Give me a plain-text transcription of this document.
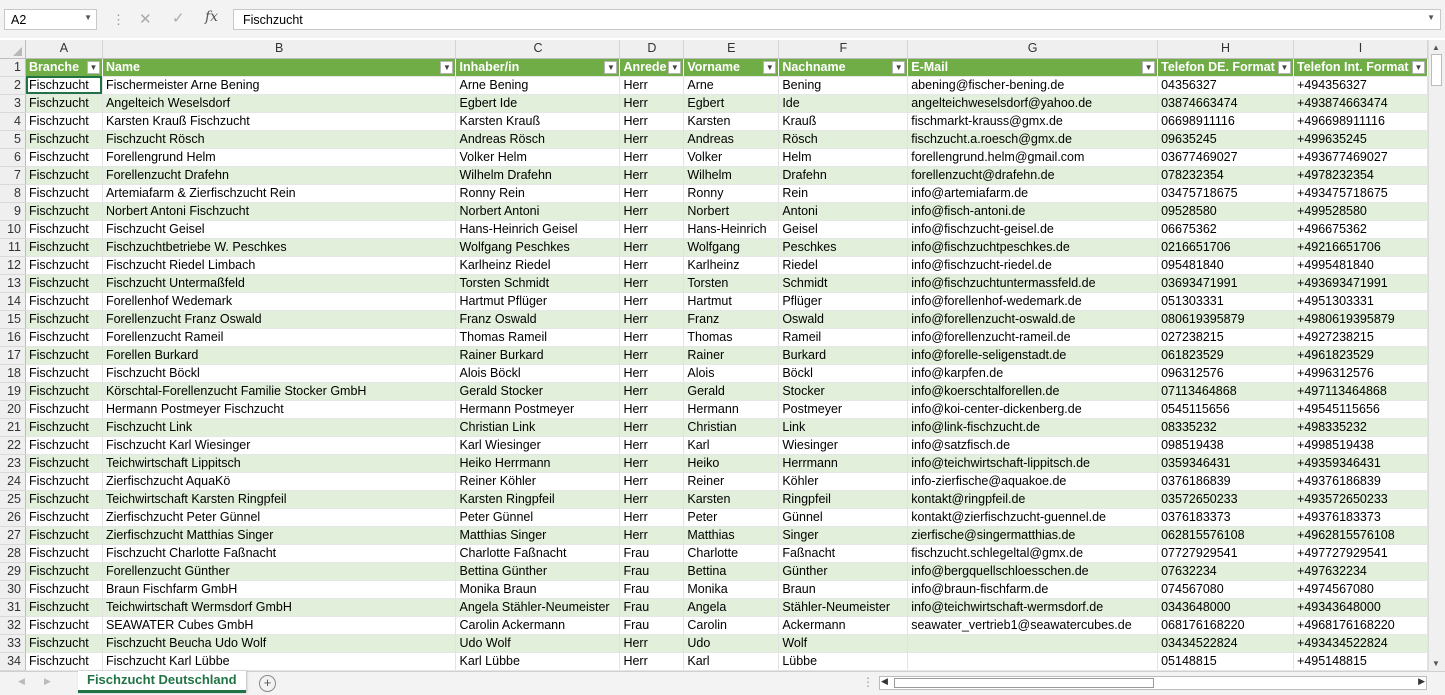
A2	▼ ⋮ ✕ ✓ fx Fischzucht	▼
	A	B	C	D	E	F	G	H	I
1	Branche ▼	Name ▼	Inhaber/in ▼	Anrede ▼	Vorname ▼	Nachname ▼	E-Mail ▼	Telefon DE. Format ▼	Telefon Int. Format ▼

2	Fischzucht	Fischermeister Arne Bening	Arne Bening	Herr	Arne	Bening	abening@fischer-bening.de	04356327	+494356327
3	Fischzucht	Angelteich Weselsdorf	Egbert Ide	Herr	Egbert	Ide	angelteichweselsdorf@yahoo.de	03874663474	+493874663474
4	Fischzucht	Karsten Krauß Fischzucht	Karsten Krauß	Herr	Karsten	Krauß	fischmarkt-krauss@gmx.de	06698911116	+496698911116
5	Fischzucht	Fischzucht Rösch	Andreas Rösch	Herr	Andreas	Rösch	fischzucht.a.roesch@gmx.de	09635245	+499635245
6	Fischzucht	Forellengrund Helm	Volker Helm	Herr	Volker	Helm	forellengrund.helm@gmail.com	03677469027	+493677469027
7	Fischzucht	Forellenzucht Drafehn	Wilhelm Drafehn	Herr	Wilhelm	Drafehn	forellenzucht@drafehn.de	078232354	+4978232354
8	Fischzucht	Artemiafarm & Zierfischzucht Rein	Ronny Rein	Herr	Ronny	Rein	info@artemiafarm.de	03475718675	+493475718675
9	Fischzucht	Norbert Antoni Fischzucht	Norbert Antoni	Herr	Norbert	Antoni	info@fisch-antoni.de	09528580	+499528580
10	Fischzucht	Fischzucht Geisel	Hans-Heinrich Geisel	Herr	Hans-Heinrich	Geisel	info@fischzucht-geisel.de	06675362	+496675362
11	Fischzucht	Fischzuchtbetriebe W. Peschkes	Wolfgang Peschkes	Herr	Wolfgang	Peschkes	info@fischzuchtpeschkes.de	0216651706	+49216651706
12	Fischzucht	Fischzucht Riedel Limbach	Karlheinz Riedel	Herr	Karlheinz	Riedel	info@fischzucht-riedel.de	095481840	+4995481840
13	Fischzucht	Fischzucht Untermaßfeld	Torsten Schmidt	Herr	Torsten	Schmidt	info@fischzuchtuntermassfeld.de	03693471991	+493693471991
14	Fischzucht	Forellenhof Wedemark	Hartmut Pflüger	Herr	Hartmut	Pflüger	info@forellenhof-wedemark.de	051303331	+4951303331
15	Fischzucht	Forellenzucht Franz Oswald	Franz Oswald	Herr	Franz	Oswald	info@forellenzucht-oswald.de	080619395879	+4980619395879
16	Fischzucht	Forellenzucht Rameil	Thomas Rameil	Herr	Thomas	Rameil	info@forellenzucht-rameil.de	027238215	+4927238215
17	Fischzucht	Forellen Burkard	Rainer Burkard	Herr	Rainer	Burkard	info@forelle-seligenstadt.de	061823529	+4961823529
18	Fischzucht	Fischzucht Böckl	Alois Böckl	Herr	Alois	Böckl	info@karpfen.de	096312576	+4996312576
19	Fischzucht	Körschtal-Forellenzucht Familie Stocker GmbH	Gerald Stocker	Herr	Gerald	Stocker	info@koerschtalforellen.de	07113464868	+497113464868
20	Fischzucht	Hermann Postmeyer Fischzucht	Hermann Postmeyer	Herr	Hermann	Postmeyer	info@koi-center-dickenberg.de	0545115656	+49545115656
21	Fischzucht	Fischzucht Link	Christian Link	Herr	Christian	Link	info@link-fischzucht.de	08335232	+498335232
22	Fischzucht	Fischzucht Karl Wiesinger	Karl Wiesinger	Herr	Karl	Wiesinger	info@satzfisch.de	098519438	+4998519438
23	Fischzucht	Teichwirtschaft Lippitsch	Heiko Herrmann	Herr	Heiko	Herrmann	info@teichwirtschaft-lippitsch.de	0359346431	+49359346431
24	Fischzucht	Zierfischzucht AquaKö	Reiner Köhler	Herr	Reiner	Köhler	info-zierfische@aquakoe.de	0376186839	+49376186839
25	Fischzucht	Teichwirtschaft Karsten Ringpfeil	Karsten Ringpfeil	Herr	Karsten	Ringpfeil	kontakt@ringpfeil.de	03572650233	+493572650233
26	Fischzucht	Zierfischzucht Peter Günnel	Peter Günnel	Herr	Peter	Günnel	kontakt@zierfischzucht-guennel.de	0376183373	+49376183373
27	Fischzucht	Zierfischzucht Matthias Singer	Matthias Singer	Herr	Matthias	Singer	zierfische@singermatthias.de	062815576108	+4962815576108
28	Fischzucht	Fischzucht Charlotte Faßnacht	Charlotte Faßnacht	Frau	Charlotte	Faßnacht	fischzucht.schlegeltal@gmx.de	07727929541	+497727929541
29	Fischzucht	Forellenzucht Günther	Bettina Günther	Frau	Bettina	Günther	info@bergquellschloesschen.de	07632234	+497632234
30	Fischzucht	Braun Fischfarm GmbH	Monika Braun	Frau	Monika	Braun	info@braun-fischfarm.de	074567080	+4974567080
31	Fischzucht	Teichwirtschaft Wermsdorf GmbH	Angela Stähler-Neumeister	Frau	Angela	Stähler-Neumeister	info@teichwirtschaft-wermsdorf.de	0343648000	+49343648000
32	Fischzucht	SEAWATER Cubes GmbH	Carolin Ackermann	Frau	Carolin	Ackermann	seawater_vertrieb1@seawatercubes.de	068176168220	+4968176168220
33	Fischzucht	Fischzucht Beucha Udo Wolf	Udo Wolf	Herr	Udo	Wolf		03434522824	+493434522824
34	Fischzucht	Fischzucht Karl Lübbe	Karl Lübbe	Herr	Karl	Lübbe		05148815	+495148815
▲
▼
◀ ▶	Fischzucht Deutschland	+	⋮ ◀	▶
